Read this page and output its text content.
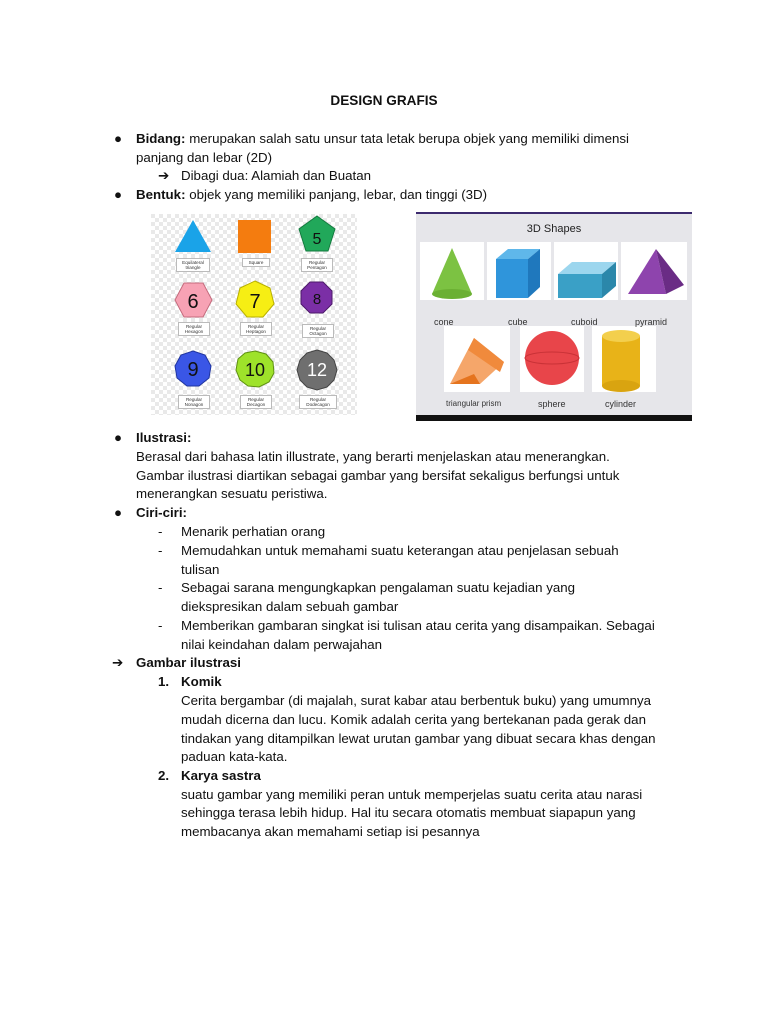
DESIGN GRAFIS
● Bidang: merupakan salah satu unsur tata letak berupa objek yang memiliki dimensi
panjang dan lebar (2D)
➔ Dibagi dua: Alamiah dan Buatan
● Bentuk: objek yang memiliki panjang, lebar, dan tinggi (3D)
5
6	7	8
9	10 12
Equilateral
triangle
Square	Regular
Pentagon
Regular
Hexagon
Regular
Heptagon
Regular
Octagon
Regular
Nonagon
Regular
Decagon
Regular
Dodecagon
3D Shapes
cone	cube	cuboid	pyramid
triangular prism	sphere	cylinder
● Ilustrasi:
Berasal dari bahasa latin illustrate, yang berarti menjelaskan atau menerangkan.
Gambar ilustrasi diartikan sebagai gambar yang bersifat sekaligus berfungsi untuk
menerangkan sesuatu peristiwa.
● Ciri-ciri:
- Menarik perhatian orang
- Memudahkan untuk memahami suatu keterangan atau penjelasan sebuah
tulisan
- Sebagai sarana mengungkapkan pengalaman suatu kejadian yang
diekspresikan dalam sebuah gambar
- Memberikan gambaran singkat isi tulisan atau cerita yang disampaikan. Sebagai
nilai keindahan dalam perwajahan
➔ Gambar ilustrasi
1. Komik
Cerita bergambar (di majalah, surat kabar atau berbentuk buku) yang umumnya
mudah dicerna dan lucu. Komik adalah cerita yang bertekanan pada gerak dan
tindakan yang ditampilkan lewat urutan gambar yang dibuat secara khas dengan
paduan kata-kata.
2. Karya sastra
suatu gambar yang memiliki peran untuk memperjelas suatu cerita atau narasi
sehingga terasa lebih hidup. Hal itu secara otomatis membuat siapapun yang
membacanya akan memahami setiap isi pesannya
